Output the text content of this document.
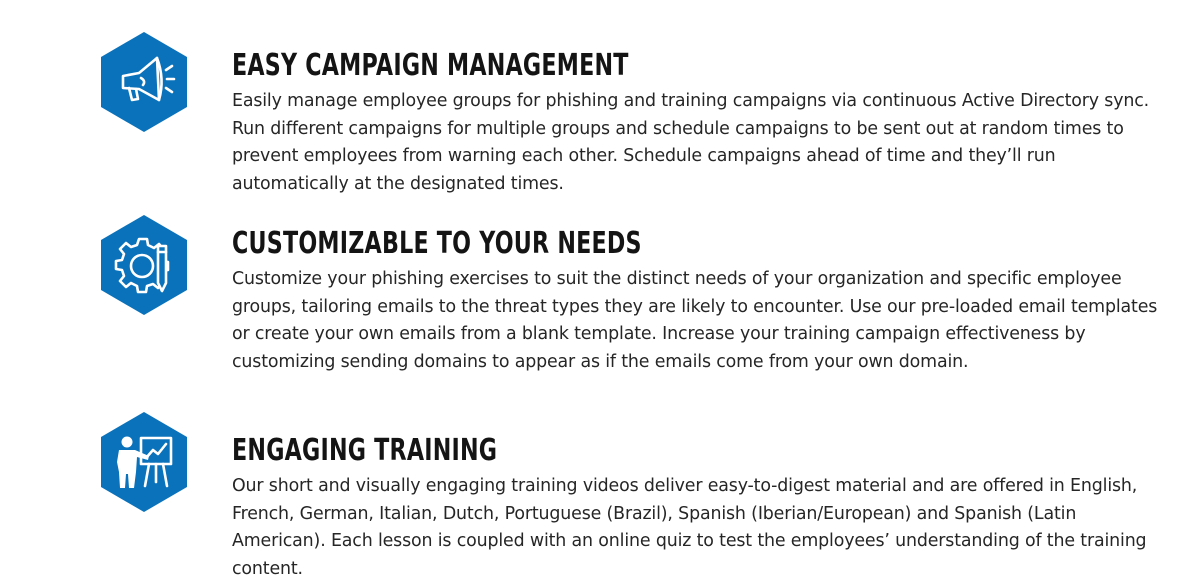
EASY CAMPAIGN MANAGEMENT

Easily manage employee groups for phishing and training campaigns via continuous Active Directory sync. Run different campaigns for multiple groups and schedule campaigns to be sent out at random times to prevent employees from warning each other. Schedule campaigns ahead of time and they’ll run automatically at the designated times.

CUSTOMIZABLE TO YOUR NEEDS

Customize your phishing exercises to suit the distinct needs of your organization and specific employee groups, tailoring emails to the threat types they are likely to encounter. Use our pre-loaded email templates or create your own emails from a blank template. Increase your training campaign effectiveness by customizing sending domains to appear as if the emails come from your own domain.

ENGAGING TRAINING

Our short and visually engaging training videos deliver easy-to-digest material and are offered in English, French, German, Italian, Dutch, Portuguese (Brazil), Spanish (Iberian/European) and Spanish (Latin American). Each lesson is coupled with an online quiz to test the employees’ understanding of the training content.
